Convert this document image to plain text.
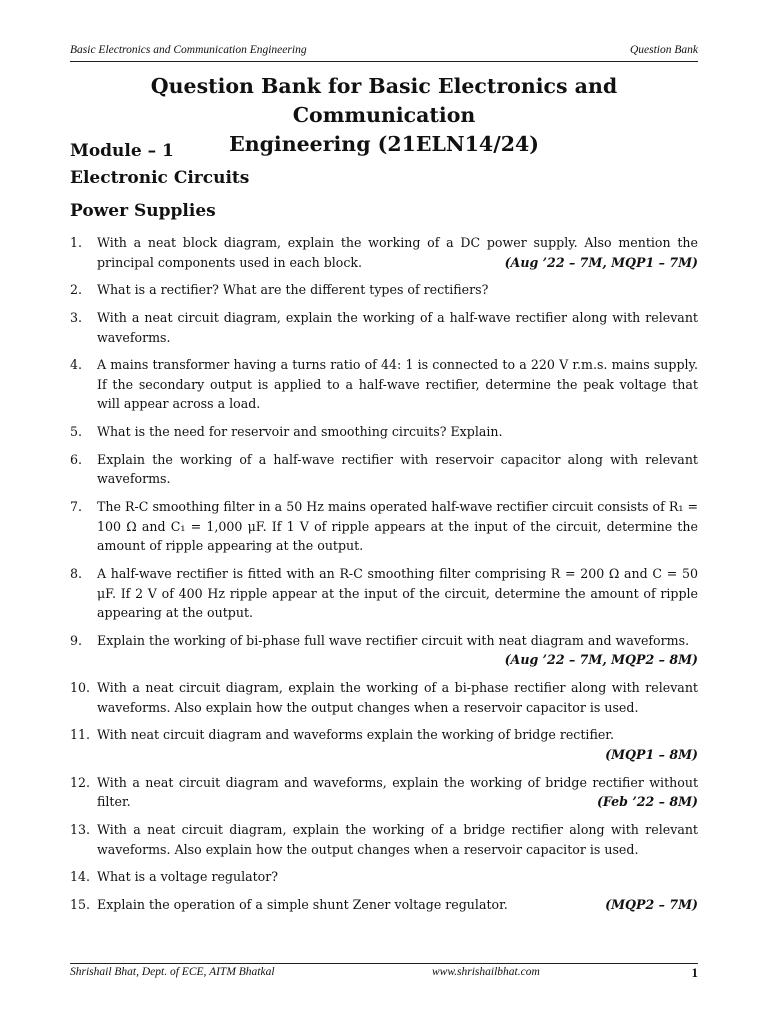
Basic Electronics and Communication Engineering	Question Bank
Question Bank for Basic Electronics and Communication
Engineering (21ELN14/24)
Module – 1
Electronic Circuits
Power Supplies
1. With a neat block diagram, explain the working of a DC power supply. Also mention the principal components used in each block.	(Aug ’22 – 7M, MQP1 – 7M)
2. What is a rectifier? What are the different types of rectifiers?
3. With a neat circuit diagram, explain the working of a half-wave rectifier along with relevant waveforms.
4. A mains transformer having a turns ratio of 44: 1 is connected to a 220 V r.m.s. mains supply. If the secondary output is applied to a half-wave rectifier, determine the peak voltage that will appear across a load.
5. What is the need for reservoir and smoothing circuits? Explain.
6. Explain the working of a half-wave rectifier with reservoir capacitor along with relevant waveforms.
7. The R-C smoothing filter in a 50 Hz mains operated half-wave rectifier circuit consists of R₁ = 100 Ω and C₁ = 1,000 μF. If 1 V of ripple appears at the input of the circuit, determine the amount of ripple appearing at the output.
8. A half-wave rectifier is fitted with an R-C smoothing filter comprising R = 200 Ω and C = 50 μF. If 2 V of 400 Hz ripple appear at the input of the circuit, determine the amount of ripple appearing at the output.
9. Explain the working of bi-phase full wave rectifier circuit with neat diagram and waveforms.
(Aug ’22 – 7M, MQP2 – 8M)
10. With a neat circuit diagram, explain the working of a bi-phase rectifier along with relevant waveforms. Also explain how the output changes when a reservoir capacitor is used.
11. With neat circuit diagram and waveforms explain the working of bridge rectifier.
(MQP1 – 8M)
12. With a neat circuit diagram and waveforms, explain the working of bridge rectifier without filter.	(Feb ’22 – 8M)
13. With a neat circuit diagram, explain the working of a bridge rectifier along with relevant waveforms. Also explain how the output changes when a reservoir capacitor is used.
14. What is a voltage regulator?
15. Explain the operation of a simple shunt Zener voltage regulator.	(MQP2 – 7M)
Shrishail Bhat, Dept. of ECE, AITM Bhatkal	www.shrishailbhat.com	1
